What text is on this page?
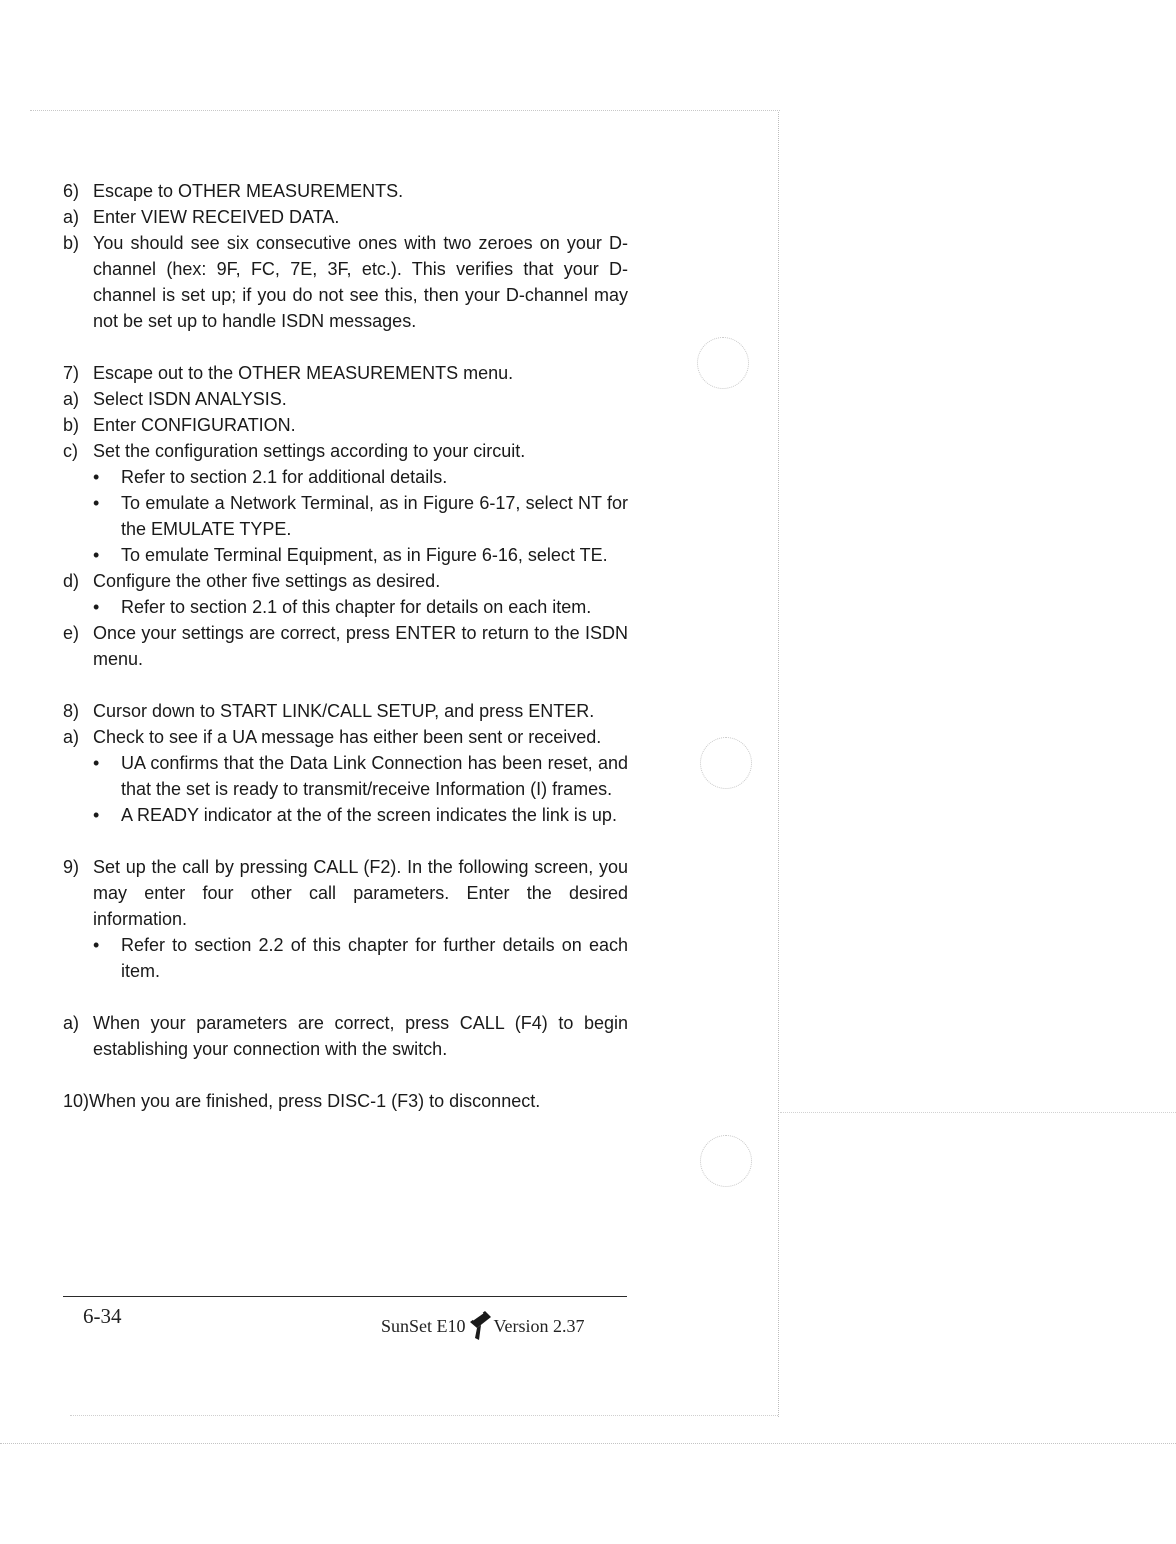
6) Escape to OTHER MEASUREMENTS.
a) Enter VIEW RECEIVED DATA.
b) You should see six consecutive ones with two zeroes on your D-channel (hex: 9F, FC, 7E, 3F, etc.). This verifies that your D-channel is set up; if you do not see this, then your D-channel may not be set up to handle ISDN messages.
7) Escape out to the OTHER MEASUREMENTS menu.
a) Select ISDN ANALYSIS.
b) Enter CONFIGURATION.
c) Set the configuration settings according to your circuit.
• Refer to section 2.1 for additional details.
• To emulate a Network Terminal, as in Figure 6-17, select NT for the EMULATE TYPE.
• To emulate Terminal Equipment, as in Figure 6-16, select TE.
d) Configure the other five settings as desired.
• Refer to section 2.1 of this chapter for details on each item.
e) Once your settings are correct, press ENTER to return to the ISDN menu.
8) Cursor down to START LINK/CALL SETUP, and press ENTER.
a) Check to see if a UA message has either been sent or received.
• UA confirms that the Data Link Connection has been reset, and that the set is ready to transmit/receive Information (I) frames.
• A READY indicator at the of the screen indicates the link is up.
9) Set up the call by pressing CALL (F2). In the following screen, you may enter four other call parameters. Enter the desired information.
• Refer to section 2.2 of this chapter for further details on each item.
a) When your parameters are correct, press CALL (F4) to begin establishing your connection with the switch.
10)When you are finished, press DISC-1 (F3) to disconnect.
6-34	SunSet E10 Version 2.37
